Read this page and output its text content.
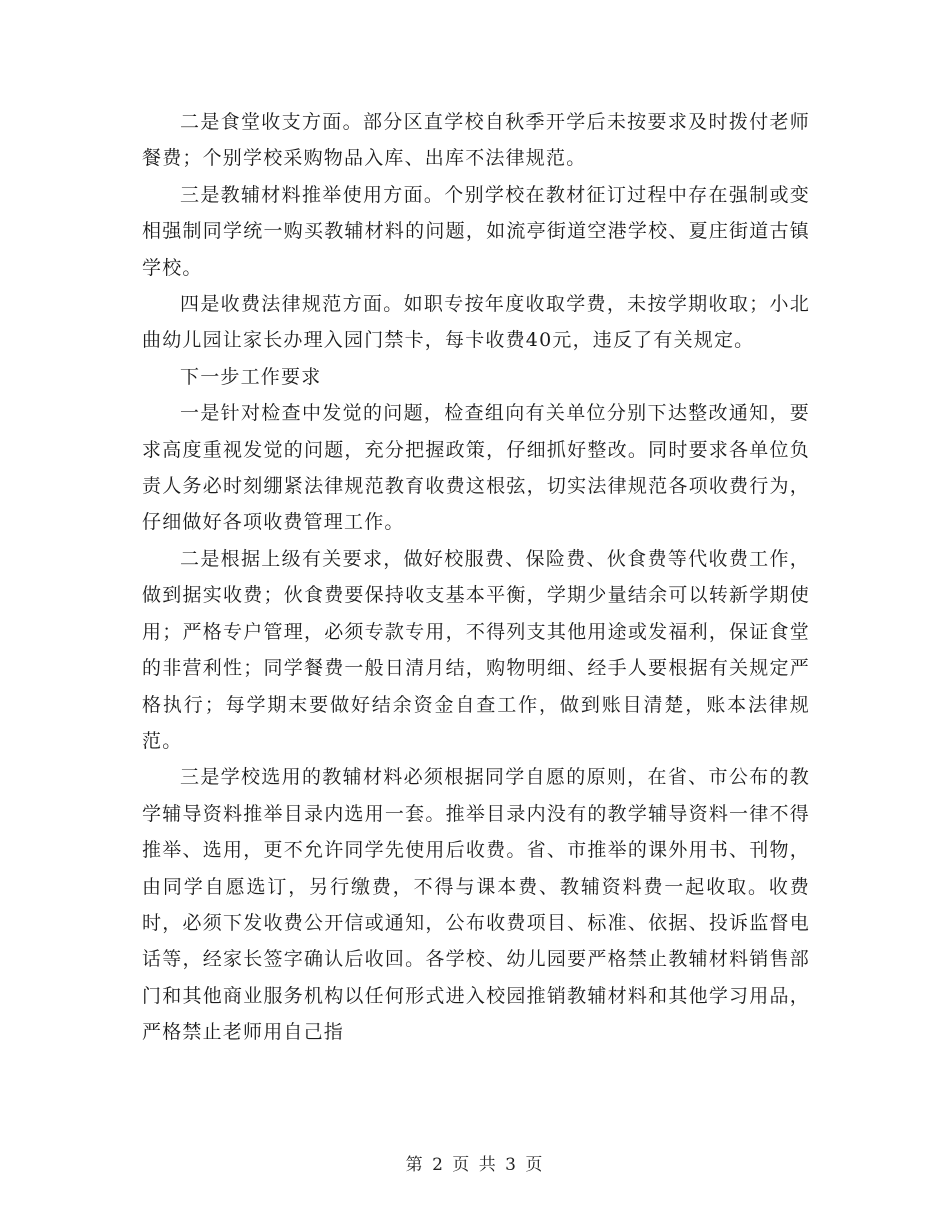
二是食堂收支方面。部分区直学校自秋季开学后未按要求及时拨付老师餐费；个别学校采购物品入库、出库不法律规范。

三是教辅材料推举使用方面。个别学校在教材征订过程中存在强制或变相强制同学统一购买教辅材料的问题，如流亭街道空港学校、夏庄街道古镇学校。

四是收费法律规范方面。如职专按年度收取学费，未按学期收取；小北曲幼儿园让家长办理入园门禁卡，每卡收费40元，违反了有关规定。

下一步工作要求

一是针对检查中发觉的问题，检查组向有关单位分别下达整改通知，要求高度重视发觉的问题，充分把握政策，仔细抓好整改。同时要求各单位负责人务必时刻绷紧法律规范教育收费这根弦，切实法律规范各项收费行为，仔细做好各项收费管理工作。

二是根据上级有关要求，做好校服费、保险费、伙食费等代收费工作，做到据实收费；伙食费要保持收支基本平衡，学期少量结余可以转新学期使用；严格专户管理，必须专款专用，不得列支其他用途或发福利，保证食堂的非营利性；同学餐费一般日清月结，购物明细、经手人要根据有关规定严格执行；每学期末要做好结余资金自查工作，做到账目清楚，账本法律规范。

三是学校选用的教辅材料必须根据同学自愿的原则，在省、市公布的教学辅导资料推举目录内选用一套。推举目录内没有的教学辅导资料一律不得推举、选用，更不允许同学先使用后收费。省、市推举的课外用书、刊物，由同学自愿选订，另行缴费，不得与课本费、教辅资料费一起收取。收费时，必须下发收费公开信或通知，公布收费项目、标准、依据、投诉监督电话等，经家长签字确认后收回。各学校、幼儿园要严格禁止教辅材料销售部门和其他商业服务机构以任何形式进入校园推销教辅材料和其他学习用品，严格禁止老师用自己指

第 2 页 共 3 页
